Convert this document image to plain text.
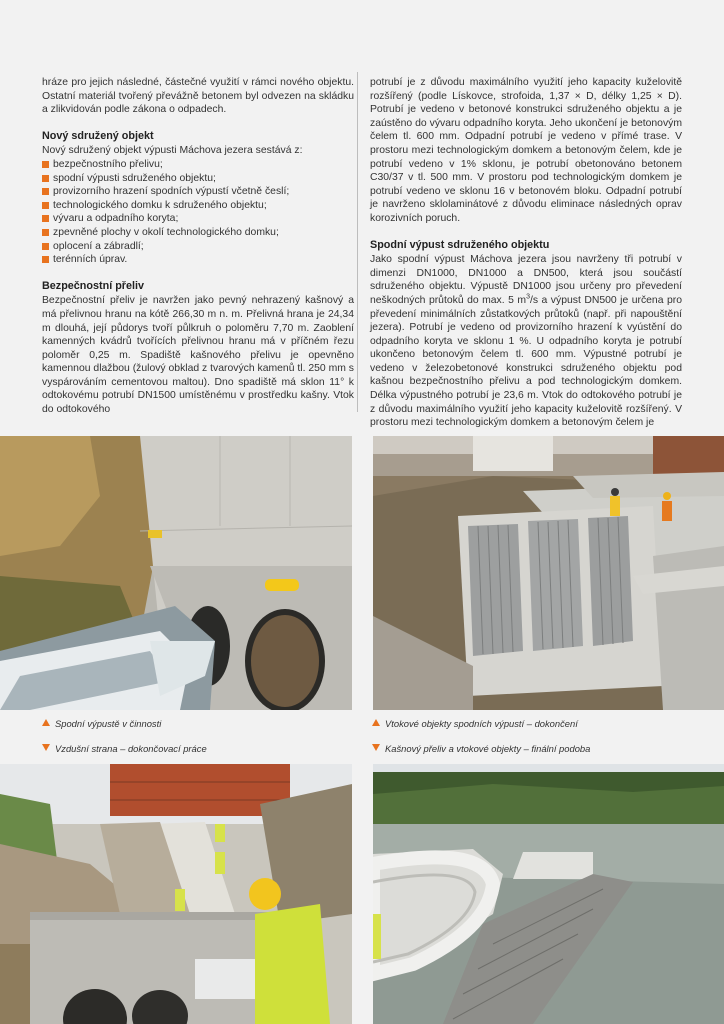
hráze pro jejich následné, částečné využití v rámci nového objektu. Ostatní materiál tvořený převážně betonem byl odvezen na skládku a zlikvidován podle zákona o odpadech.

Nový sdružený objekt

Nový sdružený objekt výpusti Máchova jezera sestává z:

bezpečnostního přelivu;
spodní výpusti sdruženého objektu;
provizorního hrazení spodních výpustí včetně česlí;
technologického domku k sdruženého objektu;
vývaru a odpadního koryta;
zpevněné plochy v okolí technologického domku;
oplocení a zábradlí;
terénních úprav.
Bezpečnostní přeliv

Bezpečnostní přeliv je navržen jako pevný nehrazený kašnový a má přelivnou hranu na kótě 266,30 m n. m. Přelivná hrana je 24,34 m dlouhá, její půdorys tvoří půlkruh o poloměru 7,70 m. Zaoblení kamenných kvádrů tvořících přelivnou hranu má v příčném řezu poloměr 0,25 m. Spadiště kašnového přelivu je opevněno kamennou dlažbou (žulový obklad z tvarových kamenů tl. 250 mm s vyspárováním cementovou maltou). Dno spadiště má sklon 11° k odtokovému potrubí DN1500 umístěnému v prostředku kašny. Vtok do odtokového

potrubí je z důvodu maximálního využití jeho kapacity kuželovitě rozšířený (podle Lískovce, strofoida, 1,37 × D, délky 1,25 × D). Potrubí je vedeno v betonové konstrukci sdruženého objektu a je zaústěno do vývaru odpadního koryta. Jeho ukončení je betonovým čelem tl. 600 mm. Odpadní potrubí je vedeno v přímé trase. V prostoru mezi technologickým domkem a betonovým čelem, kde je potrubí vedeno v 1% sklonu, je potrubí obetonováno betonem C30/37 v tl. 500 mm. V prostoru pod technologickým domkem je potrubí vedeno ve sklonu 16 v betonovém bloku. Odpadní potrubí je navrženo sklolaminátové z důvodu eliminace následných oprav korozivních poruch.

Spodní výpust sdruženého objektu

Jako spodní výpust Máchova jezera jsou navrženy tři potrubí v dimenzi DN1000, DN1000 a DN500, která jsou součástí sdruženého objektu. Výpustě DN1000 jsou určeny pro převedení neškodných průtoků do max. 5 $m^3/s$ a výpust DN500 je určena pro převedení minimálních zůstatkových průtoků (např. při napouštění jezera). Potrubí je vedeno od provizorního hrazení k vyústění do odpadního koryta ve sklonu 1 %. U odpadního koryta je potrubí ukončeno betonovým čelem tl. 600 mm. Výpustné potrubí je vedeno v železobetonové konstrukci sdruženého objektu pod kašnou bezpečnostního přelivu a pod technologickým domkem. Délka výpustného potrubí je 23,6 m. Vtok do odtokového potrubí je z důvodu maximálního využití jeho kapacity kuželovitě rozšířený. V prostoru mezi technologickým domkem a betonovým čelem je

Spodní výpustě v činnosti	Vtokové objekty spodních výpustí – dokončení
Vzdušní strana – dokončovací práce	Kašnový přeliv a vtokové objekty – finální podoba
